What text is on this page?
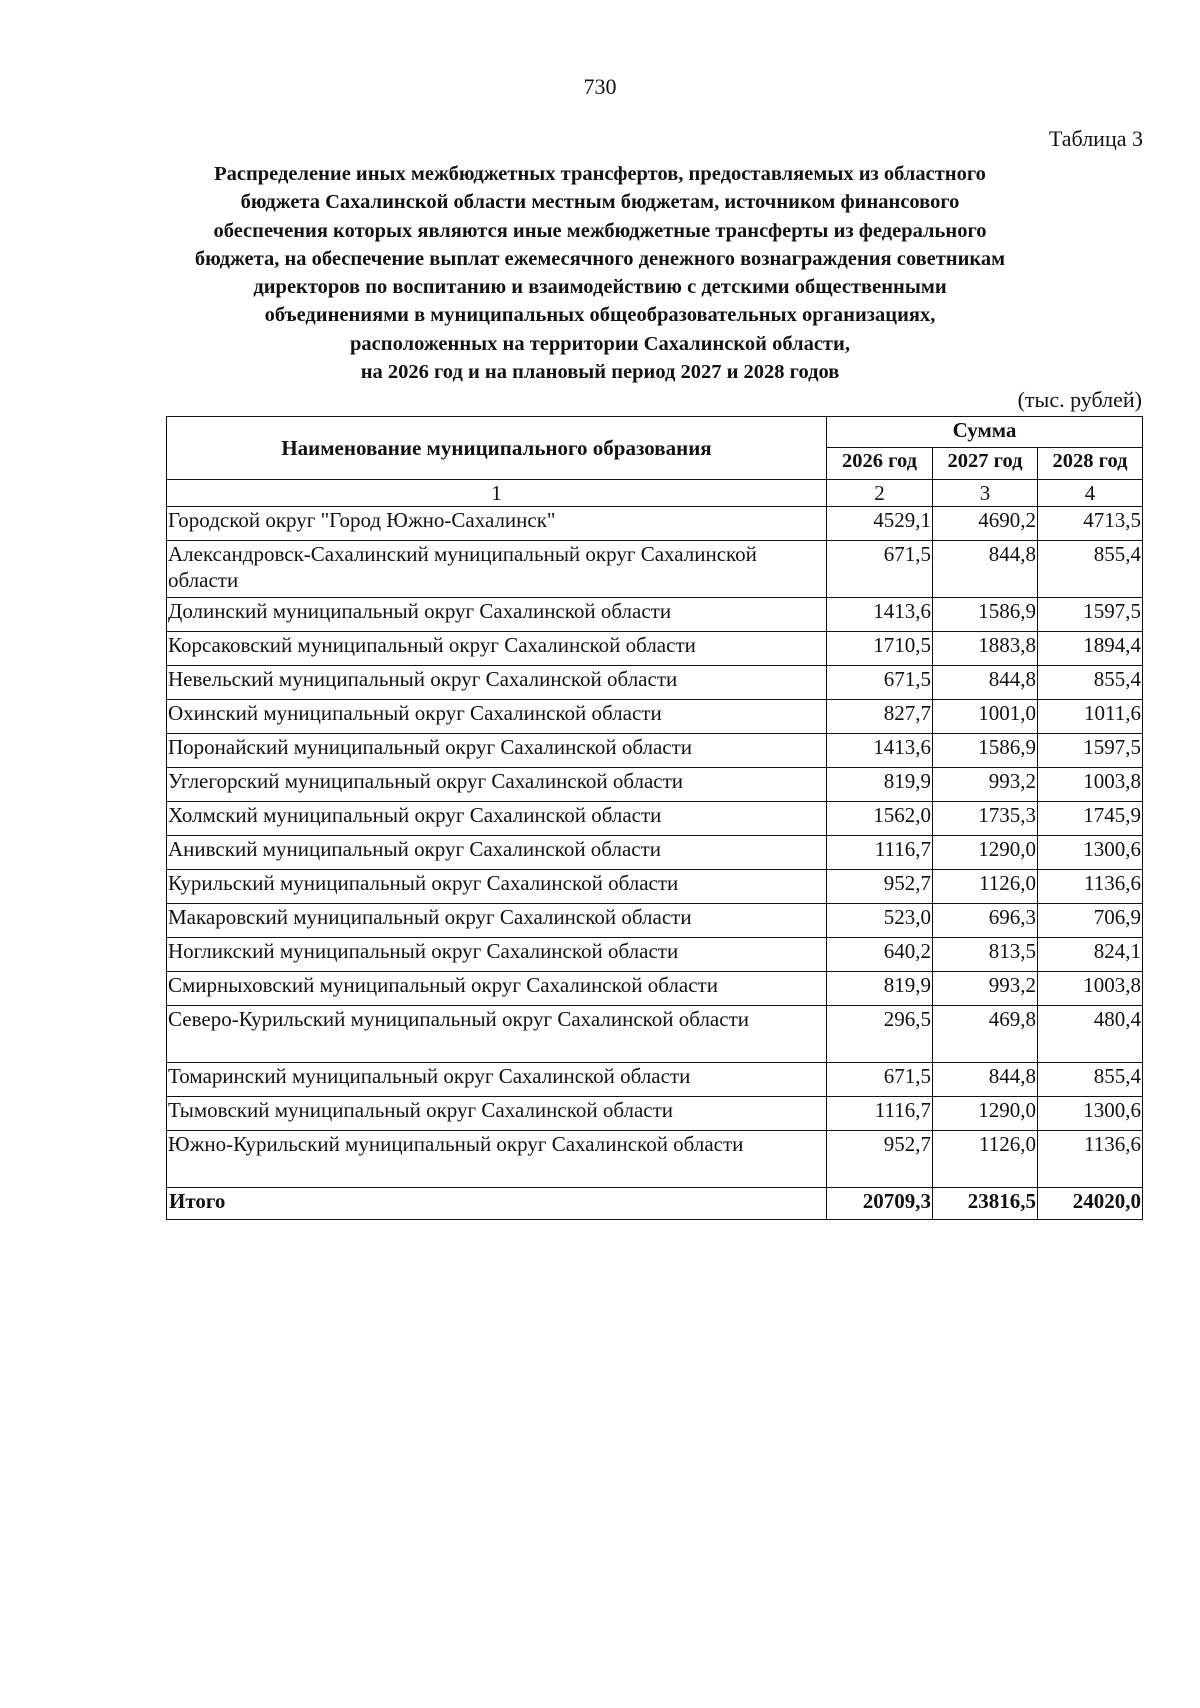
730
Таблица 3
Распределение иных межбюджетных трансфертов, предоставляемых из областного
бюджета Сахалинской области местным бюджетам, источником финансового
обеспечения которых являются иные межбюджетные трансферты из федерального
бюджета, на обеспечение выплат ежемесячного денежного вознаграждения советникам
директоров по воспитанию и взаимодействию с детскими общественными
объединениями в муниципальных общеобразовательных организациях,
расположенных на территории Сахалинской области,
на 2026 год и на плановый период 2027 и 2028 годов
(тыс. рублей)
Наименование муниципального образования	Сумма		
	2026 год	2027 год	2028 год
1	2	3	4
Городской округ "Город Южно-Сахалинск"	4529,1	4690,2	4713,5
Александровск-Сахалинский муниципальный округ Сахалинской области	671,5	844,8	855,4
Долинский муниципальный округ Сахалинской области	1413,6	1586,9	1597,5
Корсаковский муниципальный округ Сахалинской области	1710,5	1883,8	1894,4
Невельский муниципальный округ Сахалинской области	671,5	844,8	855,4
Охинский муниципальный округ Сахалинской области	827,7	1001,0	1011,6
Поронайский муниципальный округ Сахалинской области	1413,6	1586,9	1597,5
Углегорский муниципальный округ Сахалинской области	819,9	993,2	1003,8
Холмский муниципальный округ Сахалинской области	1562,0	1735,3	1745,9
Анивский муниципальный округ Сахалинской области	1116,7	1290,0	1300,6
Курильский муниципальный округ Сахалинской области	952,7	1126,0	1136,6
Макаровский муниципальный округ Сахалинской области	523,0	696,3	706,9
Ногликский муниципальный округ Сахалинской области	640,2	813,5	824,1
Смирныховский муниципальный округ Сахалинской области	819,9	993,2	1003,8
Северо-Курильский муниципальный округ Сахалинской области	296,5	469,8	480,4
Томаринский муниципальный округ Сахалинской области	671,5	844,8	855,4
Тымовский муниципальный округ Сахалинской области	1116,7	1290,0	1300,6
Южно-Курильский муниципальный округ Сахалинской области	952,7	1126,0	1136,6
Итого	20709,3	23816,5	24020,0
